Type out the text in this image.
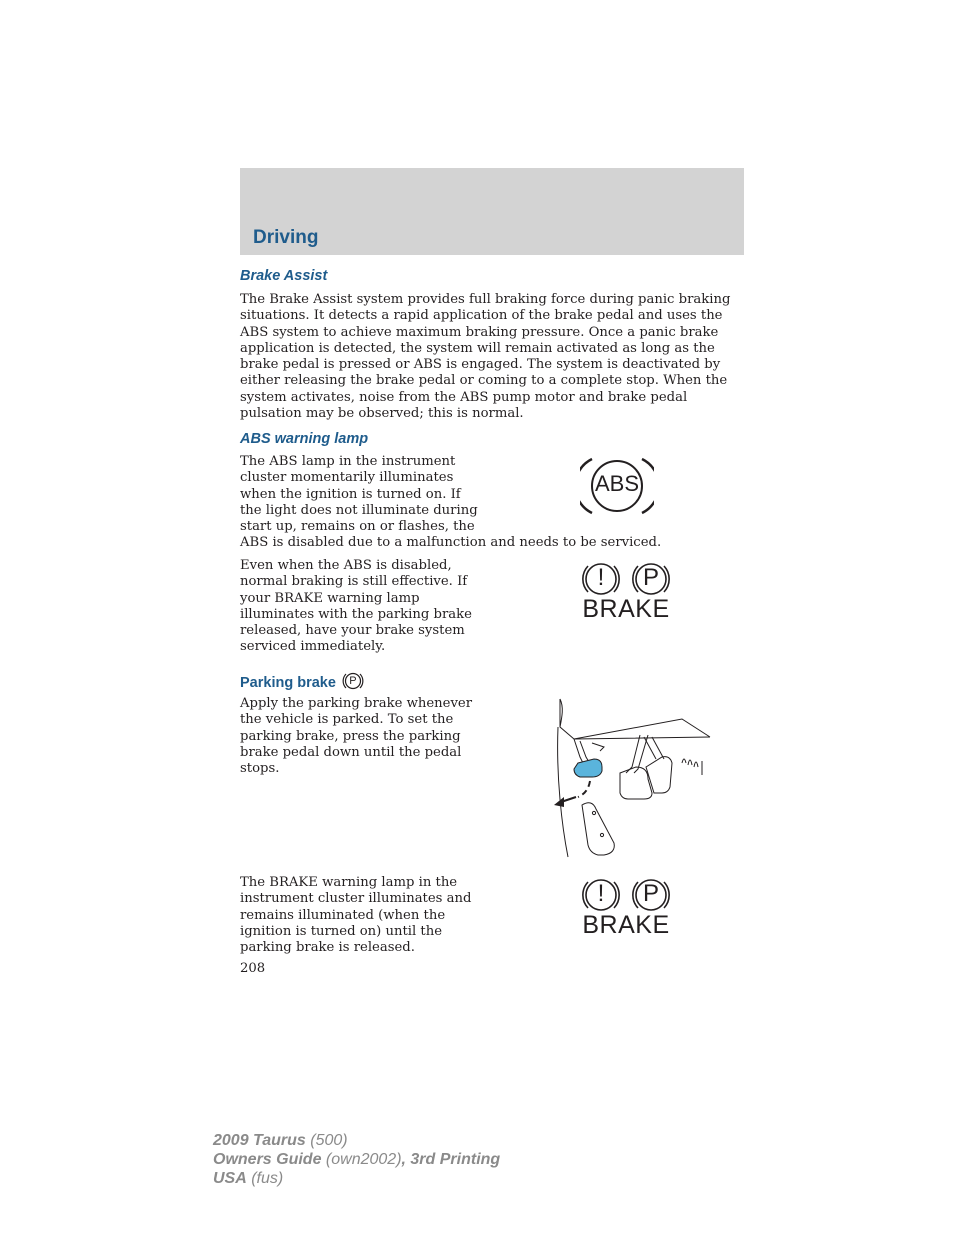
Driving
Brake Assist
The Brake Assist system provides full braking force during panic braking
situations. It detects a rapid application of the brake pedal and uses the
ABS system to achieve maximum braking pressure. Once a panic brake
application is detected, the system will remain activated as long as the
brake pedal is pressed or ABS is engaged. The system is deactivated by
either releasing the brake pedal or coming to a complete stop. When the
system activates, noise from the ABS pump motor and brake pedal
pulsation may be observed; this is normal.
ABS warning lamp
The ABS lamp in the instrument
cluster momentarily illuminates
when the ignition is turned on. If
the light does not illuminate during
start up, remains on or flashes, the
ABS is disabled due to a malfunction and needs to be serviced.
ABS
Even when the ABS is disabled,
normal braking is still effective. If
your BRAKE warning lamp
illuminates with the parking brake
released, have your brake system
serviced immediately.
!	P
BRAKE
Parking brake	P
Apply the parking brake whenever
the vehicle is parked. To set the
parking brake, press the parking
brake pedal down until the pedal
stops.
The BRAKE warning lamp in the
instrument cluster illuminates and
remains illuminated (when the
ignition is turned on) until the
parking brake is released.
!	P
BRAKE
208
2009 Taurus (500)
Owners Guide (own2002), 3rd Printing
USA (fus)
